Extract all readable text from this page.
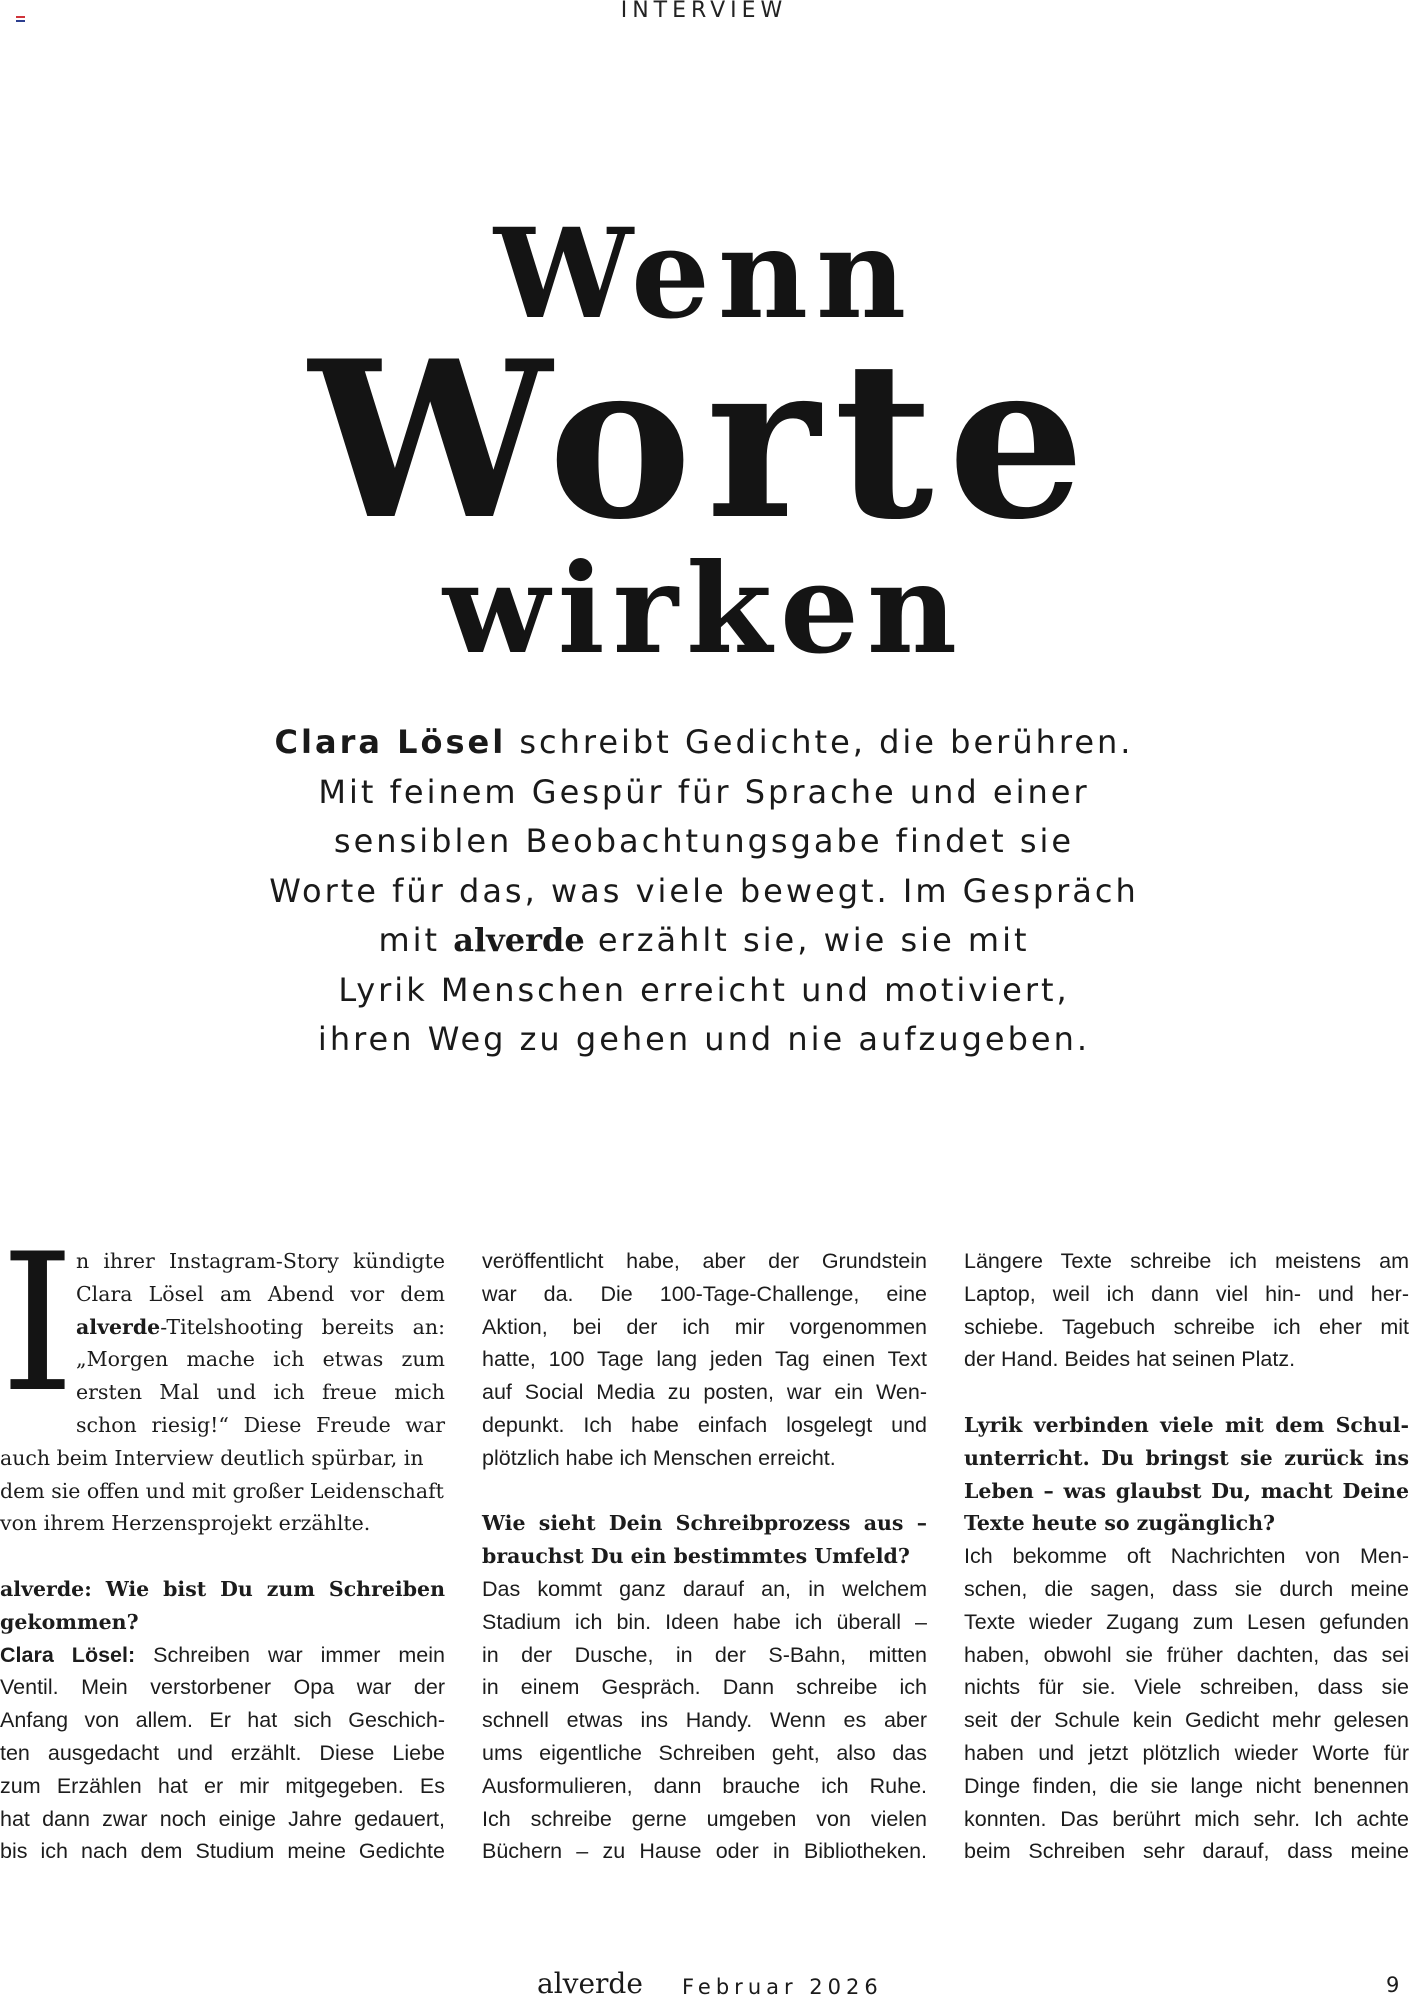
INTERVIEW
Wenn
Worte
wirken

Clara Lösel schreibt Gedichte, die berühren.
Mit feinem Gespür für Sprache und einer
sensiblen Beobachtungsgabe findet sie
Worte für das, was viele bewegt. Im Gespräch
mit alverde erzählt sie, wie sie mit
Lyrik Menschen erreicht und motiviert,
ihren Weg zu gehen und nie aufzugeben.

I n ihrer Instagram-Story kündigte
Clara Lösel am Abend vor dem
alverde-Titelshooting bereits an:
„Morgen mache ich etwas zum
ersten Mal und ich freue mich
schon riesig!“ Diese Freude war
auch beim Interview deutlich spürbar, in
dem sie offen und mit großer Leidenschaft
von ihrem Herzensprojekt erzählte.
alverde: Wie bist Du zum Schreiben
gekommen?
Clara Lösel: Schreiben war immer mein
Ventil. Mein verstorbener Opa war der
Anfang von allem. Er hat sich Geschich-
ten ausgedacht und erzählt. Diese Liebe
zum Erzählen hat er mir mitgegeben. Es
hat dann zwar noch einige Jahre gedauert,
bis ich nach dem Studium meine Gedichte
veröffentlicht habe, aber der Grundstein
war da. Die 100-Tage-Challenge, eine
Aktion, bei der ich mir vorgenommen
hatte, 100 Tage lang jeden Tag einen Text
auf Social Media zu posten, war ein Wen-
depunkt. Ich habe einfach losgelegt und
plötzlich habe ich Menschen erreicht.
Wie sieht Dein Schreibprozess aus –
brauchst Du ein bestimmtes Umfeld?
Das kommt ganz darauf an, in welchem
Stadium ich bin. Ideen habe ich überall –
in der Dusche, in der S-Bahn, mitten
in einem Gespräch. Dann schreibe ich
schnell etwas ins Handy. Wenn es aber
ums eigentliche Schreiben geht, also das
Ausformulieren, dann brauche ich Ruhe.
Ich schreibe gerne umgeben von vielen
Büchern – zu Hause oder in Bibliotheken.
Längere Texte schreibe ich meistens am
Laptop, weil ich dann viel hin- und her-
schiebe. Tagebuch schreibe ich eher mit
der Hand. Beides hat seinen Platz.
Lyrik verbinden viele mit dem Schul-
unterricht. Du bringst sie zurück ins
Leben – was glaubst Du, macht Deine
Texte heute so zugänglich?
Ich bekomme oft Nachrichten von Men-
schen, die sagen, dass sie durch meine
Texte wieder Zugang zum Lesen gefunden
haben, obwohl sie früher dachten, das sei
nichts für sie. Viele schreiben, dass sie
seit der Schule kein Gedicht mehr gelesen
haben und jetzt plötzlich wieder Worte für
Dinge finden, die sie lange nicht benennen
konnten. Das berührt mich sehr. Ich achte
beim Schreiben sehr darauf, dass meine
alverde Februar 2026	9
